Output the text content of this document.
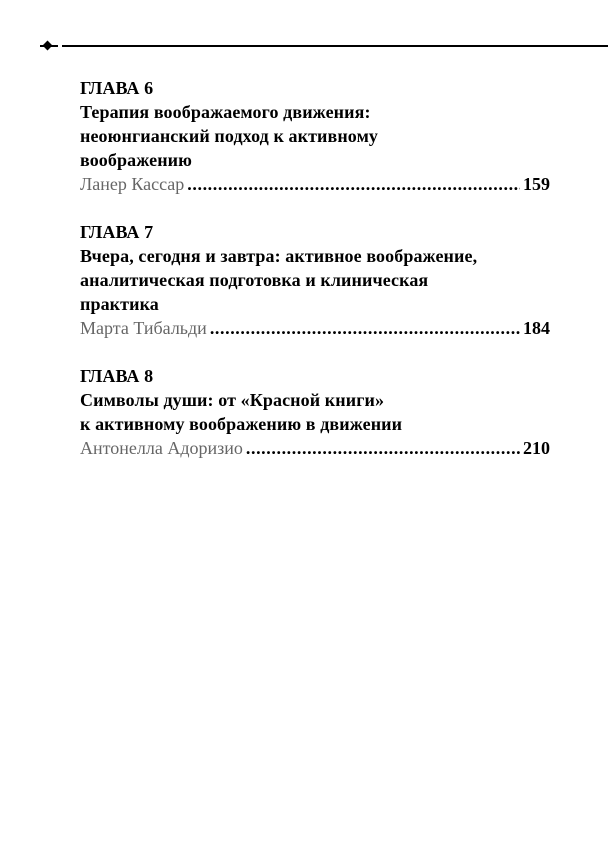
ГЛАВА 6
Терапия воображаемого движения:
неоюнгианский подход к активному
воображению
Ланер Кассар .....	159
ГЛАВА 7
Вчера, сегодня и завтра: активное воображение,
аналитическая подготовка и клиническая
практика
Марта Тибальди .....	184
ГЛАВА 8
Символы души: от «Красной книги»
к активному воображению в движении
Антонелла Адоризио .....	210
